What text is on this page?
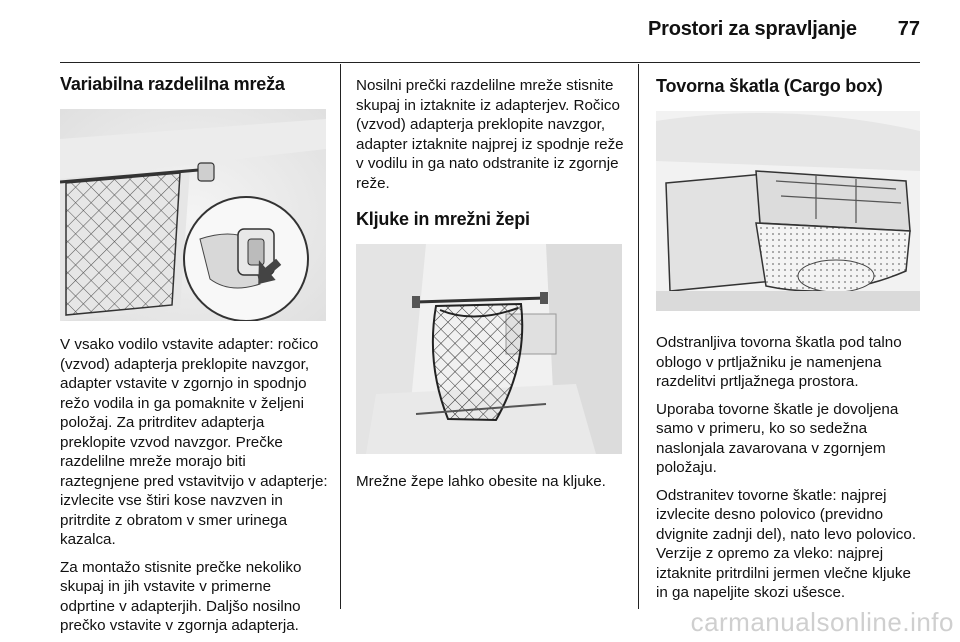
Prostori za spravljanje 77
Variabilna razdelilna mreža

V vsako vodilo vstavite adapter: ročico (vzvod) adapterja preklopite navzgor, adapter vstavite v zgornjo in spodnjo režo vodila in ga pomaknite v željeni položaj. Za pritrditev adapterja preklopite vzvod navzgor. Prečke razdelilne mreže morajo biti raztegnjene pred vstavitvijo v adapterje: izvlecite vse štiri kose navzven in pritrdite z obratom v smer urinega kazalca.

Za montažo stisnite prečke nekoliko skupaj in jih vstavite v primerne odprtine v adapterjih. Daljšo nosilno prečko vstavite v zgornja adapterja.

Nosilni prečki razdelilne mreže stisnite skupaj in iztaknite iz adapterjev. Ročico (vzvod) adapterja preklopite navzgor, adapter iztaknite najprej iz spodnje reže v vodilu in ga nato odstranite iz zgornje reže.

Kljuke in mrežni žepi

Mrežne žepe lahko obesite na kljuke.

Tovorna škatla (Cargo box)

Odstranljiva tovorna škatla pod talno oblogo v prtljažniku je namenjena razdelitvi prtljažnega prostora.

Uporaba tovorne škatle je dovoljena samo v primeru, ko so sedežna naslonjala zavarovana v zgornjem položaju.

Odstranitev tovorne škatle: najprej izvlecite desno polovico (previdno dvignite zadnji del), nato levo polovico. Verzije z opremo za vleko: najprej iztaknite pritrdilni jermen vlečne kljuke in ga napeljite skozi ušesce.

carmanualsonline.info
